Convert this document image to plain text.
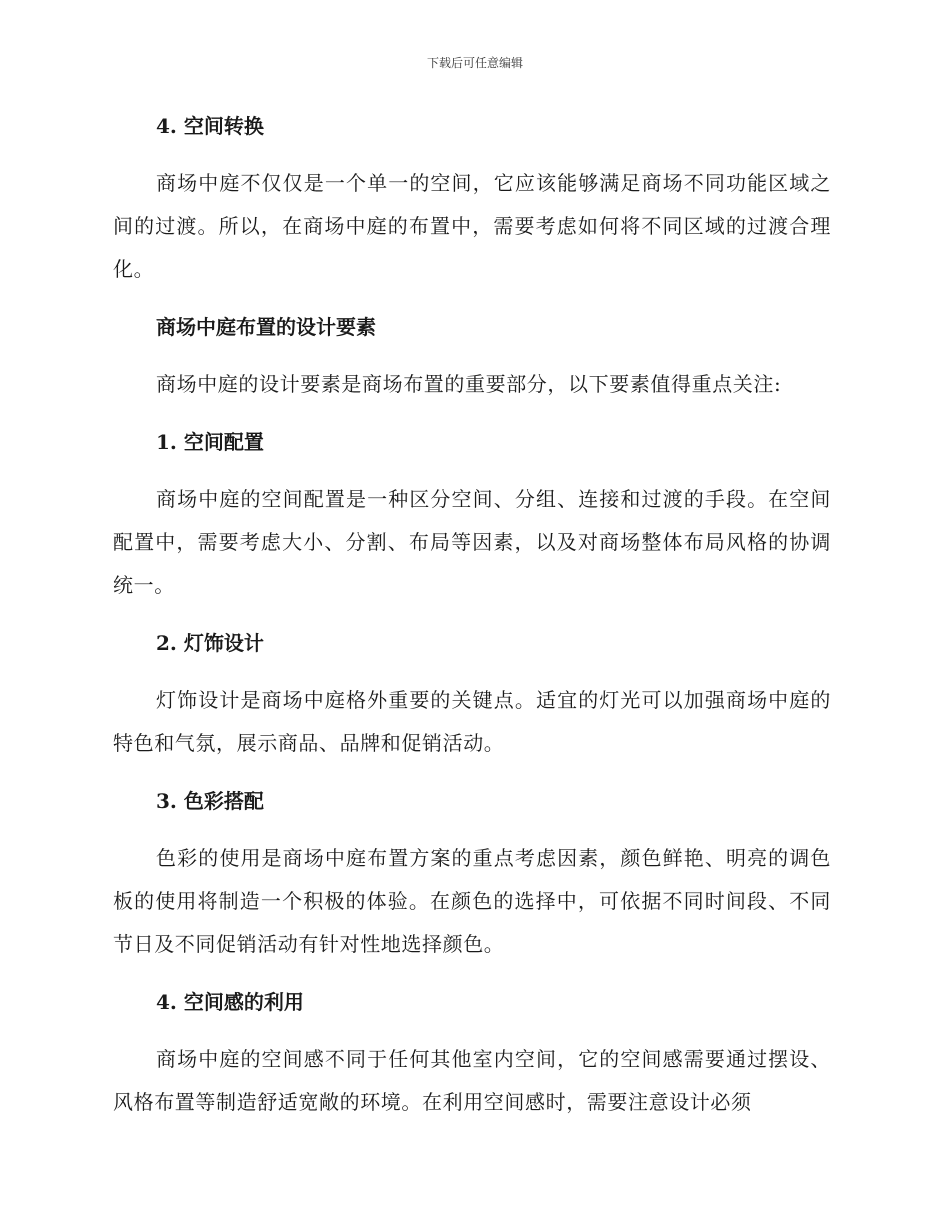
下载后可任意编辑

4. 空间转换

商场中庭不仅仅是一个单一的空间，它应该能够满足商场不同功能区域之间的过渡。所以，在商场中庭的布置中，需要考虑如何将不同区域的过渡合理化。

商场中庭布置的设计要素

商场中庭的设计要素是商场布置的重要部分，以下要素值得重点关注:

1. 空间配置

商场中庭的空间配置是一种区分空间、分组、连接和过渡的手段。在空间配置中，需要考虑大小、分割、布局等因素，以及对商场整体布局风格的协调统一。

2. 灯饰设计

灯饰设计是商场中庭格外重要的关键点。适宜的灯光可以加强商场中庭的特色和气氛，展示商品、品牌和促销活动。

3. 色彩搭配

色彩的使用是商场中庭布置方案的重点考虑因素，颜色鲜艳、明亮的调色板的使用将制造一个积极的体验。在颜色的选择中，可依据不同时间段、不同节日及不同促销活动有针对性地选择颜色。

4. 空间感的利用

商场中庭的空间感不同于任何其他室内空间，它的空间感需要通过摆设、风格布置等制造舒适宽敞的环境。在利用空间感时，需要注意设计必须
